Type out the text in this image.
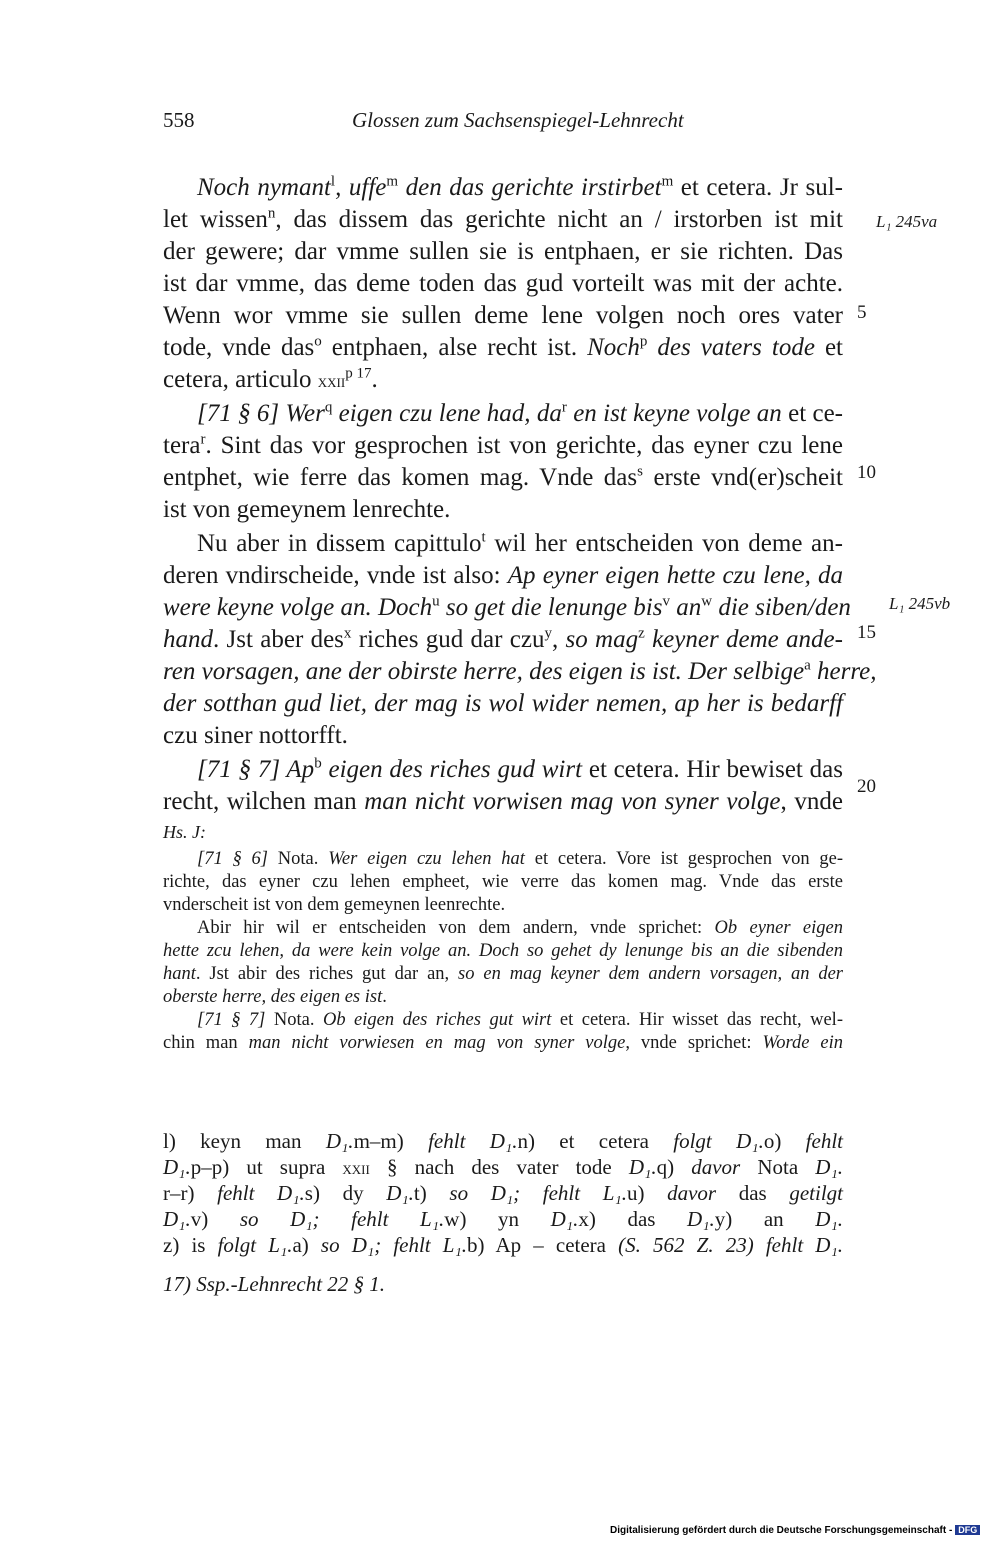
558	Glossen zum Sachsenspiegel-Lehnrecht
Noch nymant$^l$, uffe$^m$ den das gerichte irstirbet$^m$ et cetera. Jr sul-
let wissen$^n$, das dissem das gerichte nicht an / irstorben ist mit
der gewere; dar vmme sullen sie is entphaen, er sie richten. Das
ist dar vmme, das deme toden das gud vorteilt was mit der achte.
Wenn wor vmme sie sullen deme lene volgen noch ores vater
tode, vnde das$^o$ entphaen, alse recht ist. Noch$^p$ des vaters tode et
cetera, articulo xxii$^{p 17}$.
[71 § 6] Wer$^q$ eigen czu lene had, $da^r$ en ist keyne volge an et ce-
tera$^r$. Sint das vor gesprochen ist von gerichte, das eyner czu lene
entphet, wie ferre das komen mag. Vnde das$^s$ erste vnd(er)scheit
ist von gemeynem lenrechte.
Nu aber in dissem capittulo$^t$ wil her entscheiden von deme an-
deren vndirscheide, vnde ist also: Ap eyner eigen hette czu lene, da
were keyne volge an. Doch$^u$ so get die lenunge bis$^v$ $an^w$ die siben/den
hand. Jst aber des$^x$ riches gud dar czu$^y$, so mag$^z$ keyner deme ande-
ren vorsagen, ane der obirste herre, des eigen is ist. Der selbige$^a$ herre,
der sotthan gud liet, der mag is wol wider nemen, ap her is bedarff
czu siner nottorfft.
[71 § 7] Ap$^b$ eigen des riches gud wirt et cetera. Hir bewiset das
recht, wilchen man man nicht vorwisen mag von syner volge, vnde
L₁ 245va
L₁ 245vb
5
10
15
20
Hs. J:
[71 § 6] Nota. Wer eigen czu lehen hat et cetera. Vore ist gesprochen von ge-
richte, das eyner czu lehen empheet, wie verre das komen mag. Vnde das erste
vnderscheit ist von dem gemeynen leenrechte.
Abir hir wil er entscheiden von dem andern, vnde sprichet: Ob eyner eigen
hette zcu lehen, da were kein volge an. Doch so gehet dy lenunge bis an die sibenden
hant. Jst abir des riches gut dar an, so en mag keyner dem andern vorsagen, an der
oberste herre, des eigen es ist.
[71 § 7] Nota. Ob eigen des riches gut wirt et cetera. Hir wisset das recht, wel-
chin man man nicht vorwiesen en mag von syner volge, vnde sprichet: Worde ein
l) keyn man D₁.m–m) fehlt D₁.n) et cetera folgt D₁.o) fehlt
D₁.p–p) ut supra xxii § nach des vater tode D₁.q) davor Nota D₁.
r–r) fehlt D₁.s) dy D₁.t) so D₁; fehlt L₁.u) davor das getilgt
D₁.v) so D₁; fehlt L₁.w) yn D₁.x) das D₁.y) an D₁.
z) is folgt L₁.a) so D₁; fehlt L₁.b) Ap – cetera (S. 562 Z. 23) fehlt D₁.
17) Ssp.-Lehnrecht 22 § 1.
Digitalisierung gefördert durch die Deutsche Forschungsgemeinschaft - DFG
